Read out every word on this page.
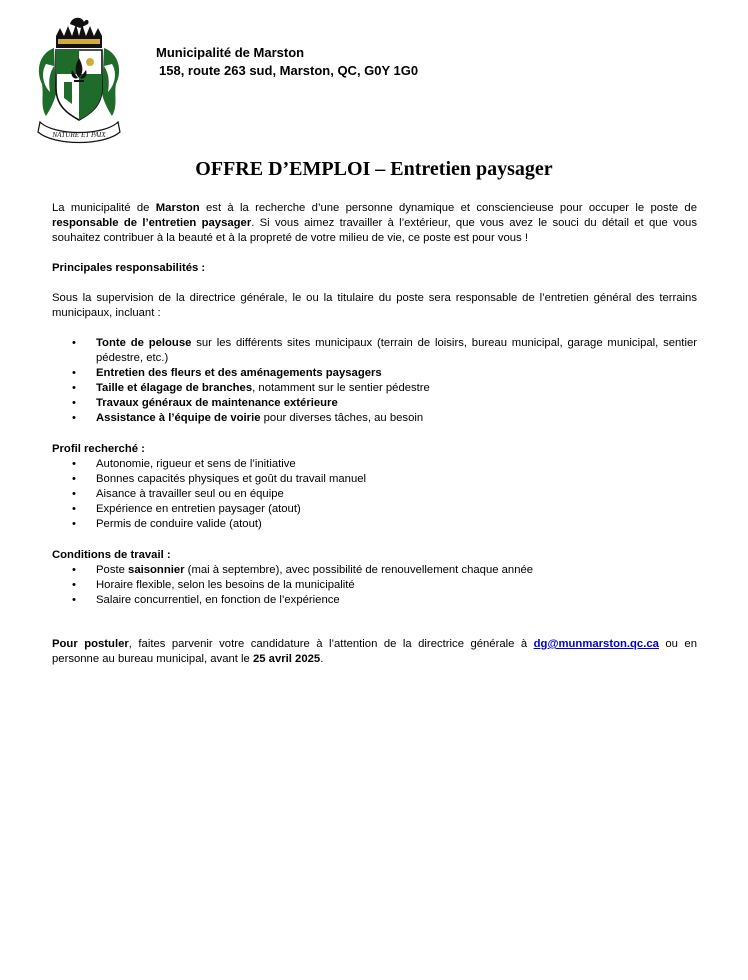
NATURE ET PAIX
Municipalité de Marston
158, route 263 sud, Marston, QC, G0Y 1G0
OFFRE D’EMPLOI – Entretien paysager

La municipalité de Marston est à la recherche d’une personne dynamique et consciencieuse pour occuper le poste de responsable de l’entretien paysager. Si vous aimez travailler à l’extérieur, que vous avez le souci du détail et que vous souhaitez contribuer à la beauté et à la propreté de votre milieu de vie, ce poste est pour vous !

Principales responsabilités :

Sous la supervision de la directrice générale, le ou la titulaire du poste sera responsable de l’entretien général des terrains municipaux, incluant :

• Tonte de pelouse sur les différents sites municipaux (terrain de loisirs, bureau municipal, garage municipal, sentier pédestre, etc.)
• Entretien des fleurs et des aménagements paysagers
• Taille et élagage de branches, notamment sur le sentier pédestre
• Travaux généraux de maintenance extérieure
• Assistance à l’équipe de voirie pour diverses tâches, au besoin

Profil recherché :

• Autonomie, rigueur et sens de l’initiative
• Bonnes capacités physiques et goût du travail manuel
• Aisance à travailler seul ou en équipe
• Expérience en entretien paysager (atout)
• Permis de conduire valide (atout)

Conditions de travail :

• Poste saisonnier (mai à septembre), avec possibilité de renouvellement chaque année
• Horaire flexible, selon les besoins de la municipalité
• Salaire concurrentiel, en fonction de l’expérience

Pour postuler, faites parvenir votre candidature à l’attention de la directrice générale à dg@munmarston.qc.ca ou en personne au bureau municipal, avant le 25 avril 2025.
